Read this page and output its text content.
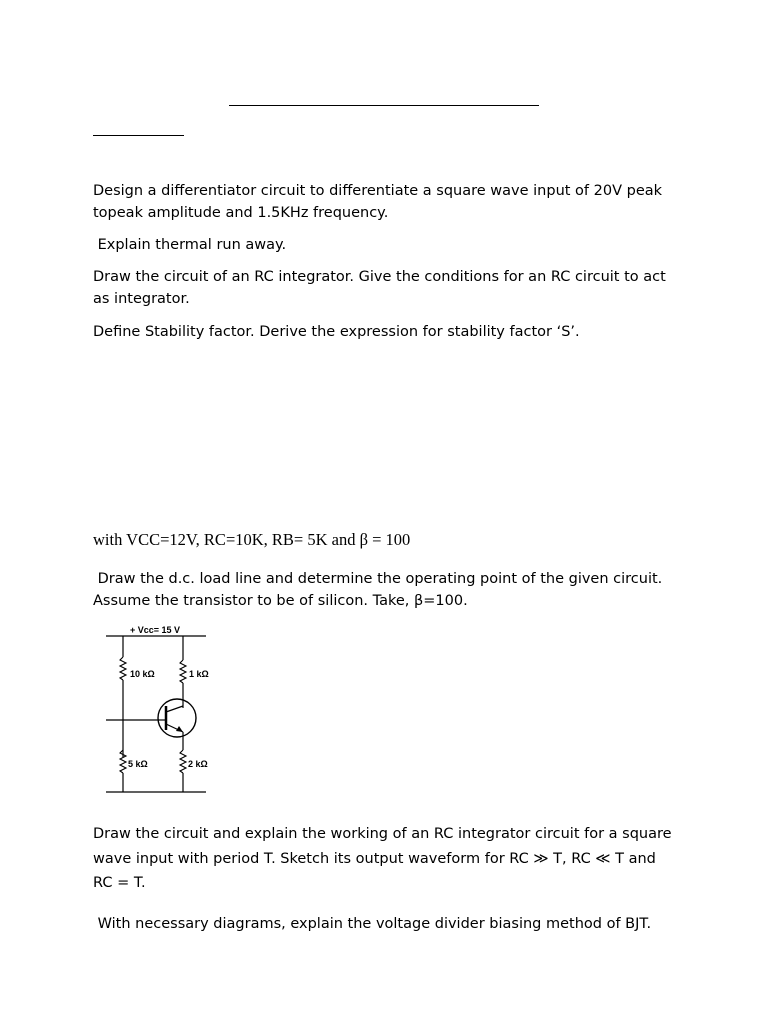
Design a differentiator circuit to differentiate a square wave input of 20V peak
topeak amplitude and 1.5KHz frequency.
Explain thermal run away.
Draw the circuit of an RC integrator. Give the conditions for an RC circuit to act
as integrator.
Define Stability factor. Derive the expression for stability factor ‘S’.
with VCC=12V, RC=10K, RB= 5K and β = 100
Draw the d.c. load line and determine the operating point of the given circuit.
Assume the transistor to be of silicon. Take, β=100.
+ Vcc= 15 V
10 kΩ
5 kΩ
1 kΩ
2 kΩ
Draw the circuit and explain the working of an RC integrator circuit for a square
wave input with period T. Sketch its output waveform for RC ≫ T, RC ≪ T and
RC = T.
With necessary diagrams, explain the voltage divider biasing method of BJT.
